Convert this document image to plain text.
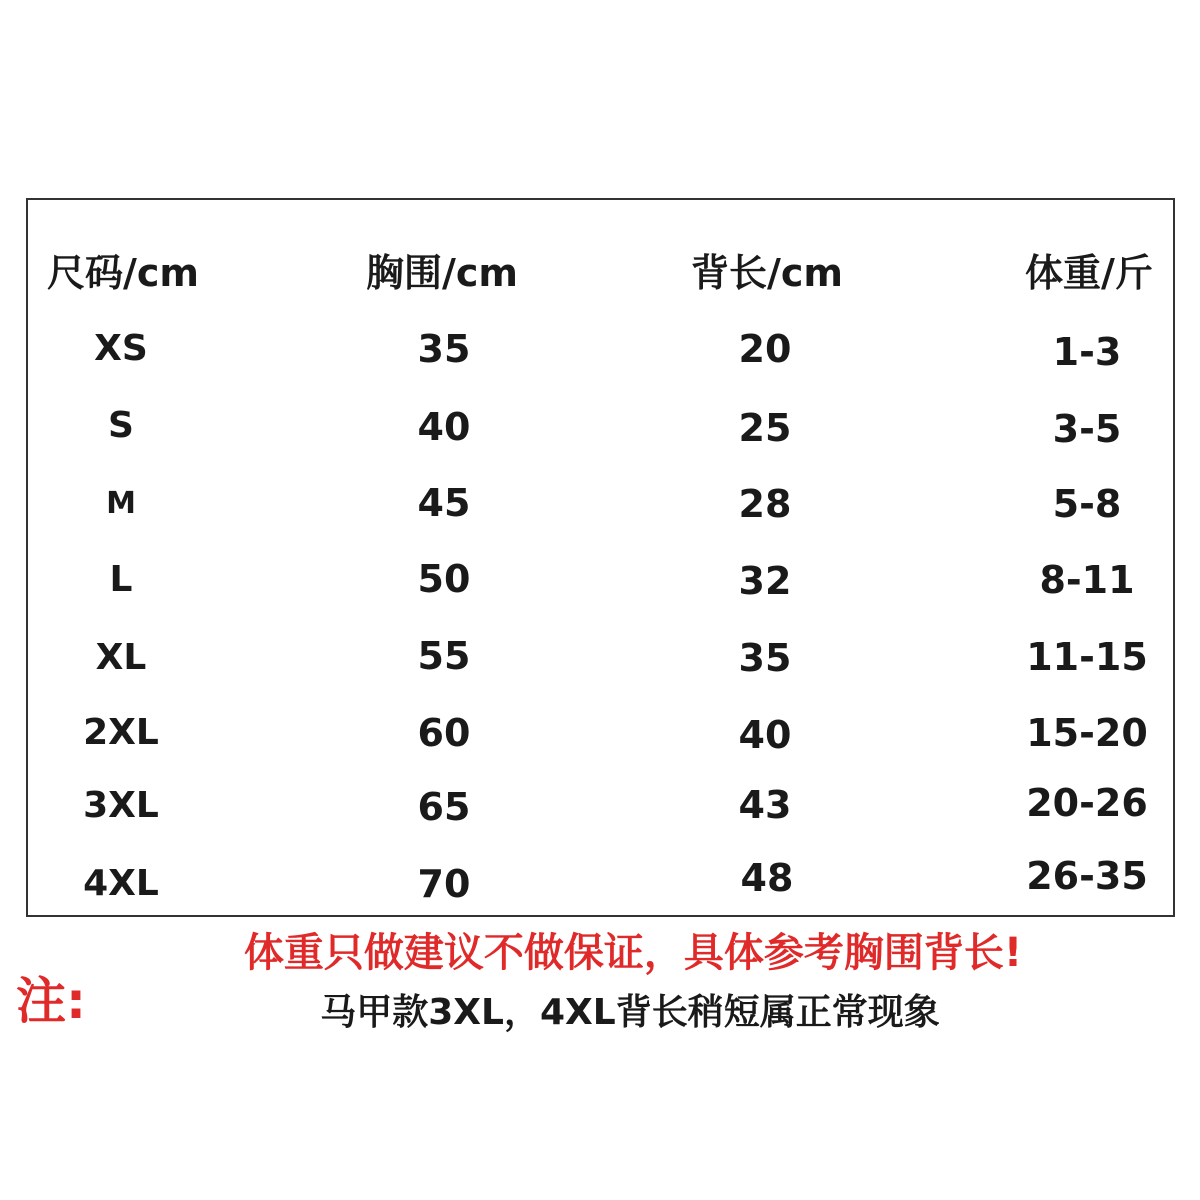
尺码/cm	胸围/cm	背长/cm	体重/斤
XS	35	20	1-3
S	40	25	3-5
M	45	28	5-8
L	50	32	8-11
XL	55	35	11-15
2XL	60	40	15-20
3XL	65	43	20-26
4XL	70	48	26-35
注:
体重只做建议不做保证，具体参考胸围背长!
马甲款3XL，4XL背长稍短属正常现象
